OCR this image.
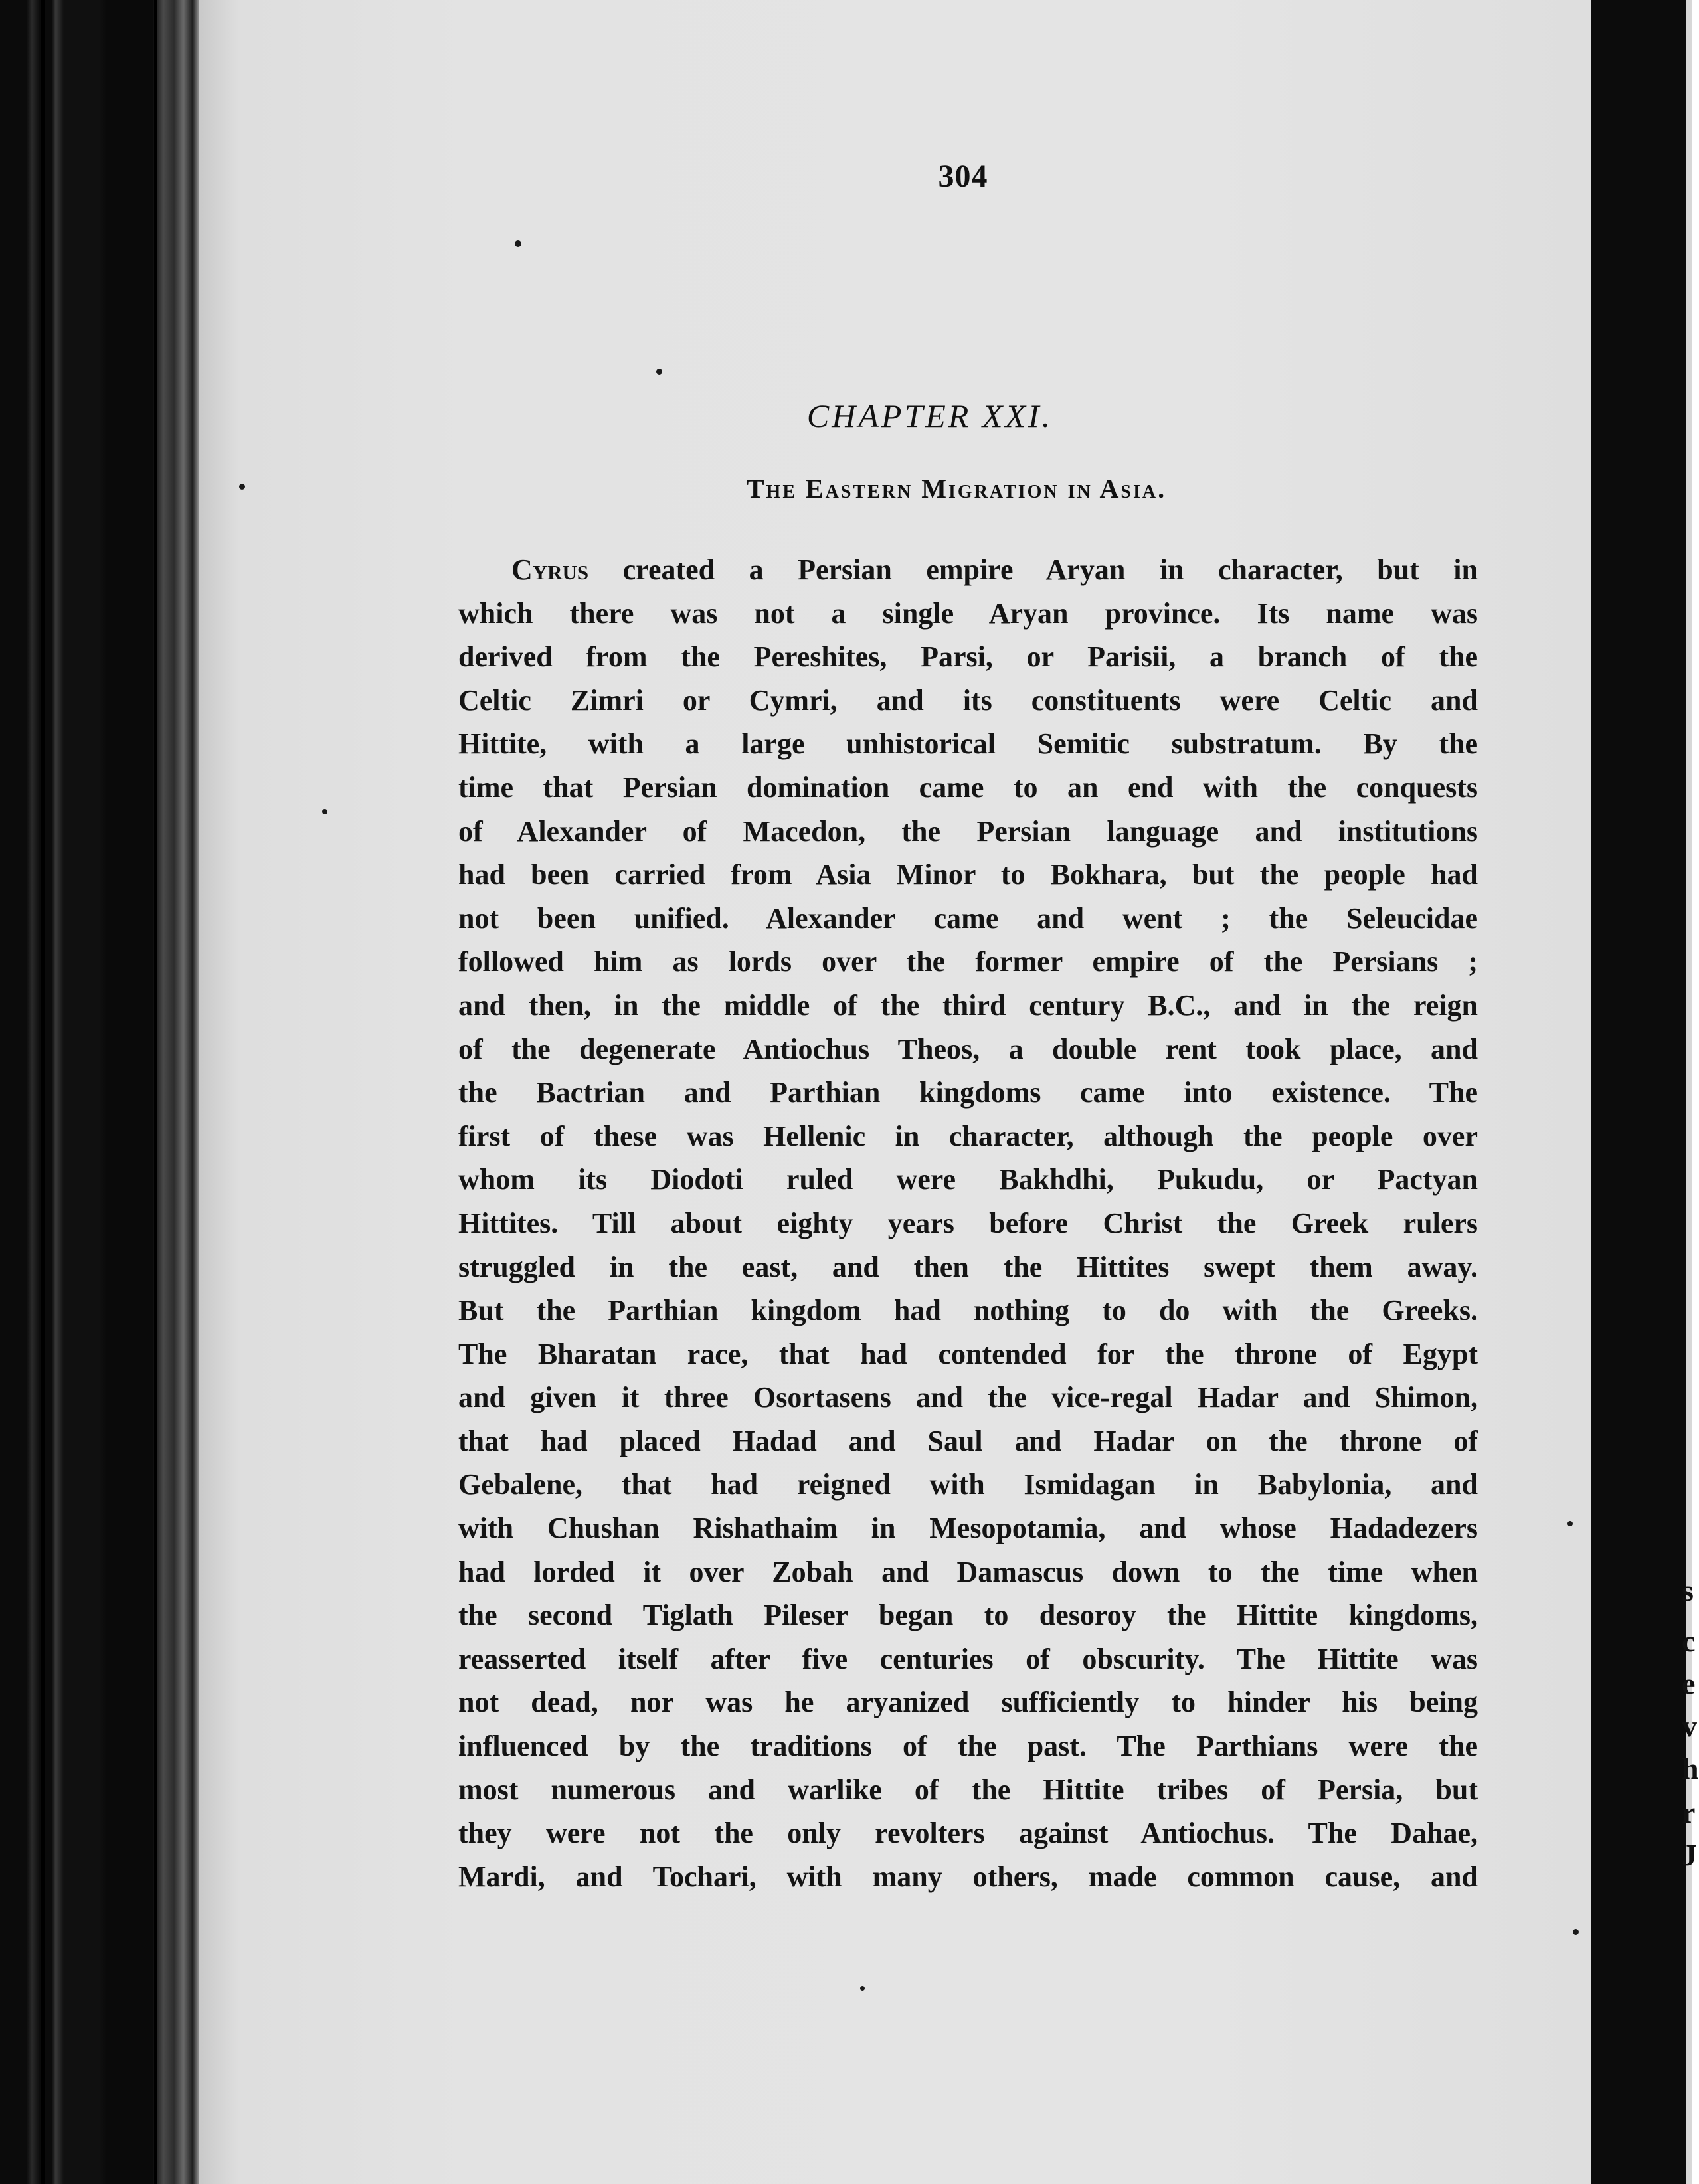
s
c
e
v
h
r
J
304
CHAPTER XXI.
The Eastern Migration in Asia.
Cyrus created a Persian empire Aryan in character, but in
which there was not a single Aryan province. Its name was
derived from the Pereshites, Parsi, or Parisii, a branch of the
Celtic Zimri or Cymri, and its constituents were Celtic and
Hittite, with a large unhistorical Semitic substratum. By the
time that Persian domination came to an end with the conquests
of Alexander of Macedon, the Persian language and institutions
had been carried from Asia Minor to Bokhara, but the people had
not been unified. Alexander came and went ; the Seleucidae
followed him as lords over the former empire of the Persians ;
and then, in the middle of the third century B.C., and in the reign
of the degenerate Antiochus Theos, a double rent took place, and
the Bactrian and Parthian kingdoms came into existence. The
first of these was Hellenic in character, although the people over
whom its Diodoti ruled were Bakhdhi, Pukudu, or Pactyan
Hittites. Till about eighty years before Christ the Greek rulers
struggled in the east, and then the Hittites swept them away.
But the Parthian kingdom had nothing to do with the Greeks.
The Bharatan race, that had contended for the throne of Egypt
and given it three Osortasens and the vice-regal Hadar and Shimon,
that had placed Hadad and Saul and Hadar on the throne of
Gebalene, that had reigned with Ismidagan in Babylonia, and
with Chushan Rishathaim in Mesopotamia, and whose Hadadezers
had lorded it over Zobah and Damascus down to the time when
the second Tiglath Pileser began to desoroy the Hittite kingdoms,
reasserted itself after five centuries of obscurity. The Hittite was
not dead, nor was he aryanized sufficiently to hinder his being
influenced by the traditions of the past. The Parthians were the
most numerous and warlike of the Hittite tribes of Persia, but
they were not the only revolters against Antiochus. The Dahae,
Mardi, and Tochari, with many others, made common cause, and
